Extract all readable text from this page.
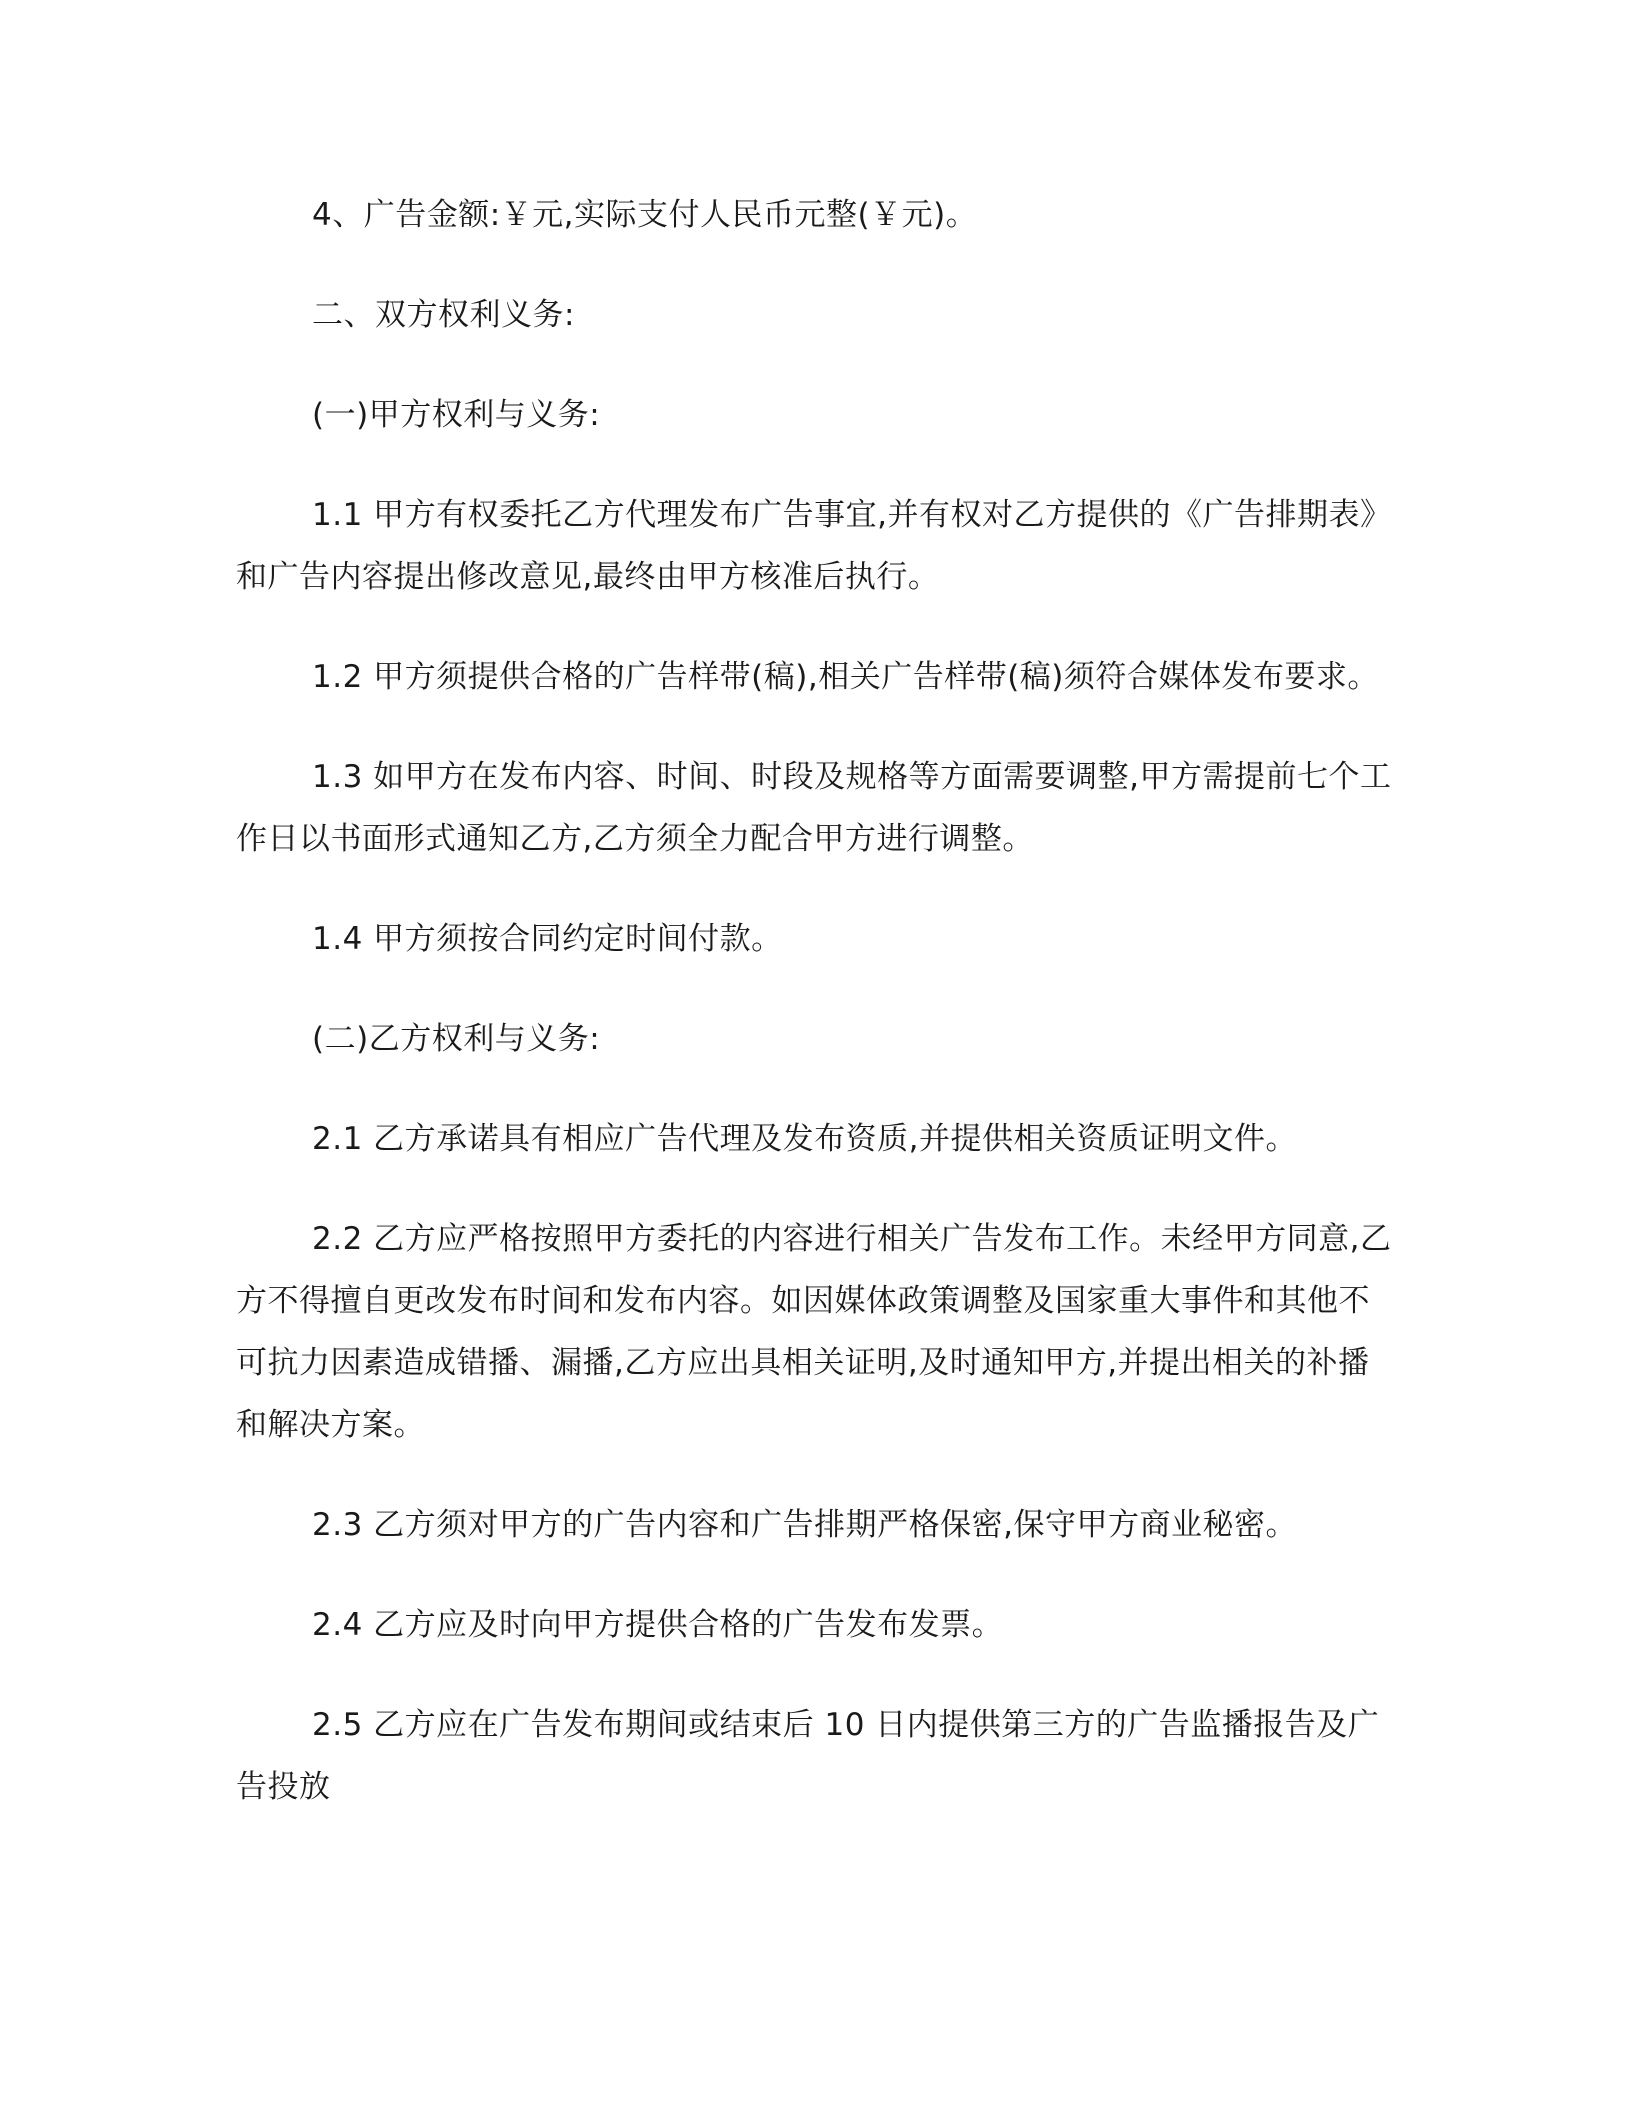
4、广告金额:￥元,实际支付人民币元整(￥元)。

二、双方权利义务:

(一)甲方权利与义务:

1.1 甲方有权委托乙方代理发布广告事宜,并有权对乙方提供的《广告排期表》和广告内容提出修改意见,最终由甲方核准后执行。

1.2 甲方须提供合格的广告样带(稿),相关广告样带(稿)须符合媒体发布要求。

1.3 如甲方在发布内容、时间、时段及规格等方面需要调整,甲方需提前七个工作日以书面形式通知乙方,乙方须全力配合甲方进行调整。

1.4 甲方须按合同约定时间付款。

(二)乙方权利与义务:

2.1 乙方承诺具有相应广告代理及发布资质,并提供相关资质证明文件。

2.2 乙方应严格按照甲方委托的内容进行相关广告发布工作。未经甲方同意,乙方不得擅自更改发布时间和发布内容。如因媒体政策调整及国家重大事件和其他不可抗力因素造成错播、漏播,乙方应出具相关证明,及时通知甲方,并提出相关的补播和解决方案。

2.3 乙方须对甲方的广告内容和广告排期严格保密,保守甲方商业秘密。

2.4 乙方应及时向甲方提供合格的广告发布发票。

2.5 乙方应在广告发布期间或结束后 10 日内提供第三方的广告监播报告及广告投放
